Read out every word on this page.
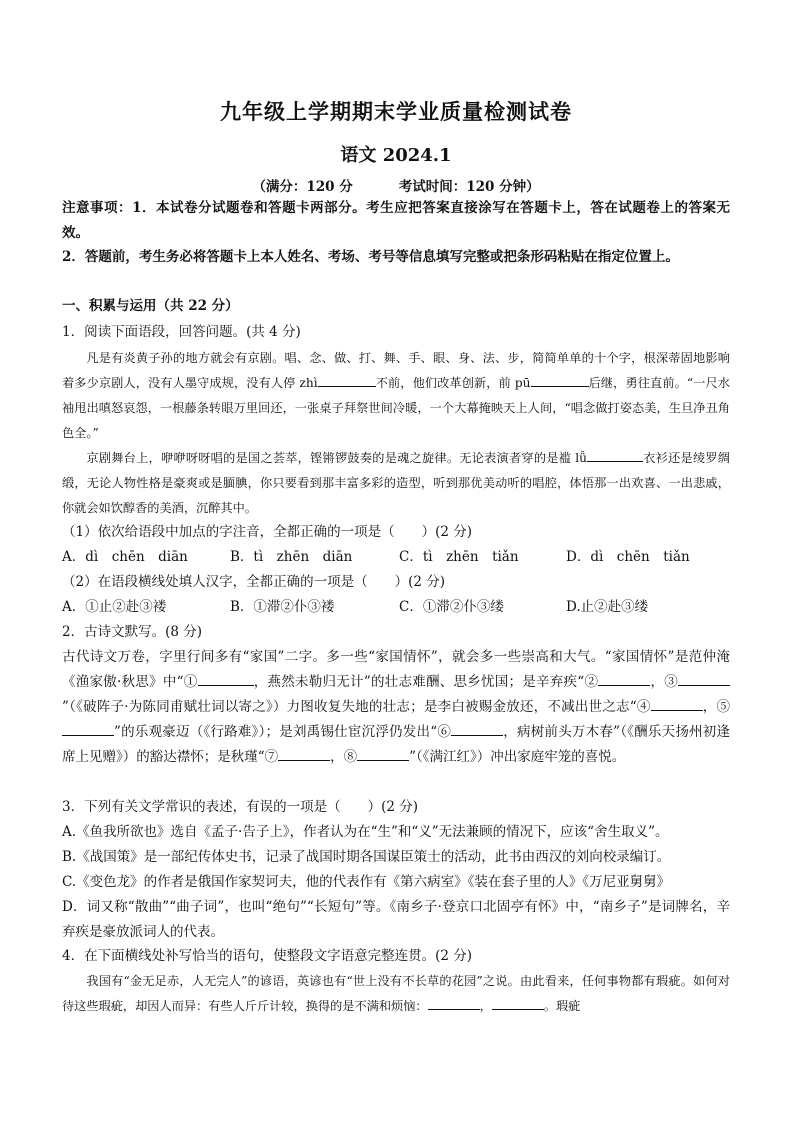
九年级上学期期末学业质量检测试卷
语文 2024.1
（满分：120 分	考试时间：120 分钟）
注意事项：1．本试卷分试题卷和答题卡两部分。考生应把答案直接涂写在答题卡上，答在试题卷上的答案无效。
2．答题前，考生务必将答题卡上本人姓名、考场、考号等信息填写完整或把条形码粘贴在指定位置上。
一、积累与运用（共 22 分）
1．阅读下面语段，回答问题。(共 4 分)
凡是有炎黄子孙的地方就会有京剧。唱、念、做、打、舞、手、眼、身、法、步，简简单单的十个字，根深蒂固地影响着多少京剧人，没有人墨守成规，没有人停 zhì	不前，他们改革创新，前 pū	后继，勇往直前。“一尺水袖甩出嗔怒哀怨，一根藤条转眼万里回还，一张桌子拜祭世间冷暖，一个大幕掩映天上人间，“唱念做打姿态美，生旦净丑角色全。”
京剧舞台上，咿咿呀呀唱的是国之荟萃，铿锵锣鼓奏的是魂之旋律。无论表演者穿的是褴 lǚ	衣衫还是绫罗绸缎，无论人物性格是豪爽或是腼腆，你只要看到那丰富多彩的造型，听到那优美动听的唱腔，体悟那一出欢喜、一出悲戚，你就会如饮醇香的美酒，沉醉其中。
（1）依次给语段中加点的字注音，全都正确的一项是（　　）(2 分)
A．dì　chēn　diān	B．tì　zhēn　diān	C．tì　zhēn　tiǎn	D．dì　chēn　tiǎn
（2）在语段横线处填人汉字，全都正确的一项是（　　）(2 分)
A．①止②赴③褛	B．①滞②仆③褛	C．①滞②仆③缕	D.止②赴③缕
2．古诗文默写。(8 分)
古代诗文万卷，字里行间多有“家国”二字。多一些“家国情怀”，就会多一些崇高和大气。“家国情怀”是范仲淹《渔家傲·秋思》中“①	，燕然未勒归无计”的壮志难酬、思乡忧国；是辛弃疾“②	，③”（《破阵子·为陈同甫赋壮词以寄之》）力图收复失地的壮志；是李白被赐金放还，不减出世之志“④	，⑤”的乐观豪迈（《行路难》）；是刘禹锡仕宦沉浮仍发出“⑥	，病树前头万木春”（《酬乐天扬州初逢席上见赠》）的豁达襟怀；是秋瑾“⑦	，⑧	”（《满江红》）冲出家庭牢笼的喜悦。
3．下列有关文学常识的表述，有误的一项是（　　）(2 分)
A.《鱼我所欲也》选自《孟子·告子上》，作者认为在“生”和“义”无法兼顾的情况下，应该“舍生取义”。
B.《战国策》是一部纪传体史书，记录了战国时期各国谋臣策士的活动，此书由西汉的刘向校录编订。
C.《变色龙》的作者是俄国作家契诃夫，他的代表作有《第六病室》《装在套子里的人》《万尼亚舅舅》
D．词又称“散曲”“曲子词”，也叫“绝句”“长短句”等。《南乡子·登京口北固亭有怀》中，“南乡子”是词牌名，辛弃疾是豪放派词人的代表。
4．在下面横线处补写恰当的语句，使整段文字语意完整连贯。(2 分)
我国有“金无足赤，人无完人”的谚语，英谚也有“世上没有不长草的花园”之说。由此看来，任何事物都有瑕疵。如何对待这些瑕疵，却因人而异：有些人斤斤计较，换得的是不满和烦恼：	，	。瑕疵
